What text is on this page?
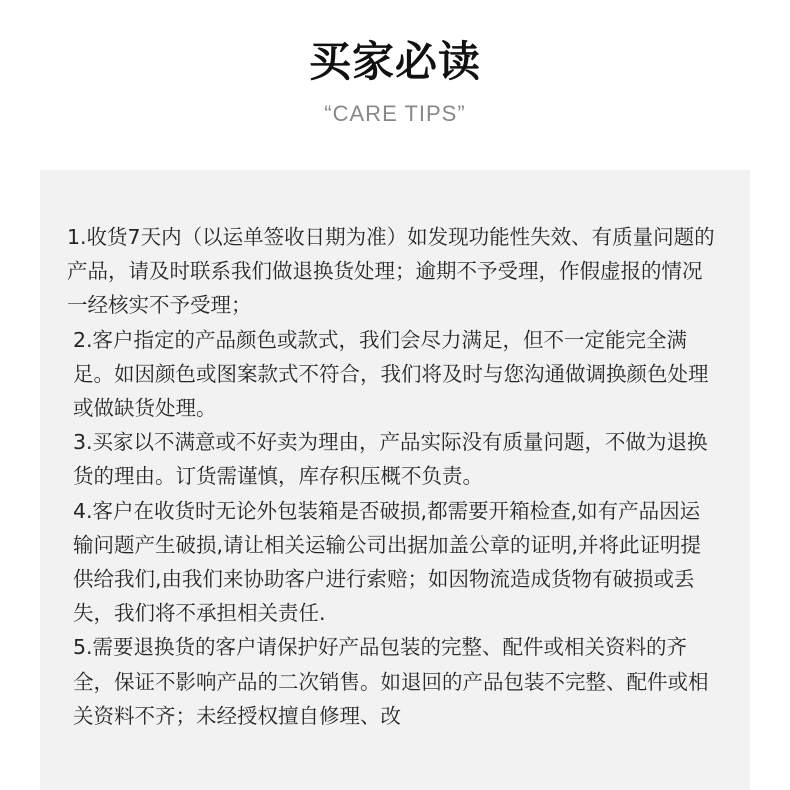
买家必读
“CARE TIPS”
1.收货7天内（以运单签收日期为准）如发现功能性失效、有质量问题的产品，请及时联系我们做退换货处理；逾期不予受理，作假虚报的情况一经核实不予受理；
2.客户指定的产品颜色或款式，我们会尽力满足，但不一定能完全满足。如因颜色或图案款式不符合，我们将及时与您沟通做调换颜色处理或做缺货处理。
3.买家以不满意或不好卖为理由，产品实际没有质量问题，不做为退换货的理由。订货需谨慎，库存积压概不负责。
4.客户在收货时无论外包装箱是否破损,都需要开箱检查,如有产品因运输问题产生破损,请让相关运输公司出据加盖公章的证明,并将此证明提供给我们,由我们来协助客户进行索赔；如因物流造成货物有破损或丢失，我们将不承担相关责任.
5.需要退换货的客户请保护好产品包装的完整、配件或相关资料的齐全，保证不影响产品的二次销售。如退回的产品包装不完整、配件或相关资料不齐；未经授权擅自修理、改
